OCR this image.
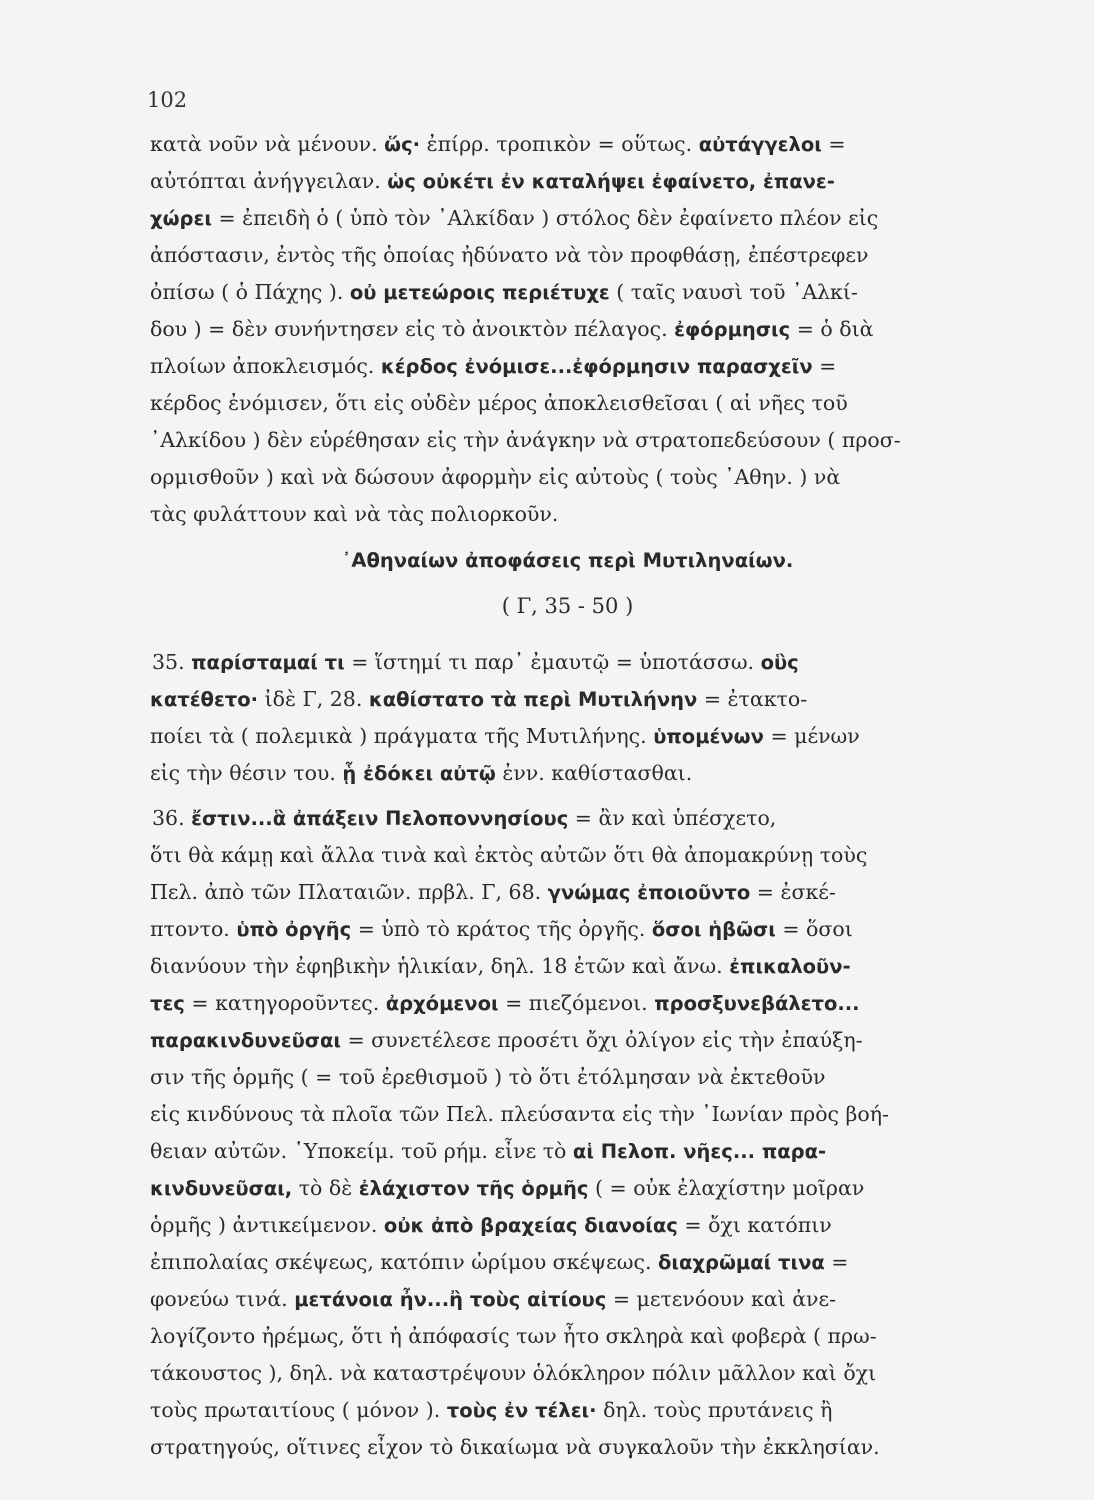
102
κατὰ νοῦν νὰ μένουν. ὥς· ἐπίρρ. τροπικὸν = οὕτως. αὐτάγγελοι =
αὐτόπται ἀνήγγειλαν. ὡς οὐκέτι ἐν καταλήψει ἐφαίνετο, ἐπανε-
χώρει = ἐπειδὴ ὁ ( ὑπὸ τὸν ᾿Αλκίδαν ) στόλος δὲν ἐφαίνετο πλέον εἰς
ἀπόστασιν, ἐντὸς τῆς ὁποίας ἠδύνατο νὰ τὸν προφθάσῃ, ἐπέστρεφεν
ὀπίσω ( ὁ Πάχης ). οὐ μετεώροις περιέτυχε ( ταῖς ναυσὶ τοῦ ᾿Αλκί-
δου ) = δὲν συνήντησεν εἰς τὸ ἀνοικτὸν πέλαγος. ἐφόρμησις = ὁ διὰ
πλοίων ἀποκλεισμός. κέρδος ἐνόμισε...ἐφόρμησιν παρασχεῖν =
κέρδος ἐνόμισεν, ὅτι εἰς οὐδὲν μέρος ἀποκλεισθεῖσαι ( αἱ νῆες τοῦ
᾿Αλκίδου ) δὲν εὑρέθησαν εἰς τὴν ἀνάγκην νὰ στρατοπεδεύσουν ( προσ-
ορμισθοῦν ) καὶ νὰ δώσουν ἀφορμὴν εἰς αὐτοὺς ( τοὺς ᾿Αθην. ) νὰ
τὰς φυλάττουν καὶ νὰ τὰς πολιορκοῦν.
᾿Αθηναίων ἀποφάσεις περὶ Μυτιληναίων.
( Γ, 35 - 50 )
35. παρίσταμαί τι = ἵστημί τι παρ᾿ ἐμαυτῷ = ὑποτάσσω. οὓς
κατέθετο· ἰδὲ Γ, 28. καθίστατο τὰ περὶ Μυτιλήνην = ἐτακτο-
ποίει τὰ ( πολεμικὰ ) πράγματα τῆς Μυτιλήνης. ὑπομένων = μένων
εἰς τὴν θέσιν του. ᾗ ἐδόκει αὐτῷ ἐνν. καθίστασθαι.
36. ἔστιν...ἃ ἀπάξειν Πελοποννησίους = ἂν καὶ ὑπέσχετο,
ὅτι θὰ κάμῃ καὶ ἄλλα τινὰ καὶ ἐκτὸς αὐτῶν ὅτι θὰ ἀπομακρύνῃ τοὺς
Πελ. ἀπὸ τῶν Πλαταιῶν. πρβλ. Γ, 68. γνώμας ἐποιοῦντο = ἐσκέ-
πτοντο. ὑπὸ ὀργῆς = ὑπὸ τὸ κράτος τῆς ὀργῆς. ὅσοι ἡβῶσι = ὅσοι
διανύουν τὴν ἐφηβικὴν ἡλικίαν, δηλ. 18 ἐτῶν καὶ ἄνω. ἐπικαλοῦν-
τες = κατηγοροῦντες. ἀρχόμενοι = πιεζόμενοι. προσξυνεβάλετο...
παρακινδυνεῦσαι = συνετέλεσε προσέτι ὄχι ὀλίγον εἰς τὴν ἐπαύξη-
σιν τῆς ὁρμῆς ( = τοῦ ἐρεθισμοῦ ) τὸ ὅτι ἐτόλμησαν νὰ ἐκτεθοῦν
εἰς κινδύνους τὰ πλοῖα τῶν Πελ. πλεύσαντα εἰς τὴν ᾿Ιωνίαν πρὸς βοή-
θειαν αὐτῶν. ῾Υποκείμ. τοῦ ρήμ. εἶνε τὸ αἱ Πελοπ. νῆες... παρα-
κινδυνεῦσαι, τὸ δὲ ἐλάχιστον τῆς ὁρμῆς ( = οὐκ ἐλαχίστην μοῖραν
ὁρμῆς ) ἀντικείμενον. οὐκ ἀπὸ βραχείας διανοίας = ὄχι κατόπιν
ἐπιπολαίας σκέψεως, κατόπιν ὡρίμου σκέψεως. διαχρῶμαί τινα =
φονεύω τινά. μετάνοια ἦν...ἢ τοὺς αἰτίους = μετενόουν καὶ ἀνε-
λογίζοντο ἠρέμως, ὅτι ἡ ἀπόφασίς των ἦτο σκληρὰ καὶ φοβερὰ ( πρω-
τάκουστος ), δηλ. νὰ καταστρέψουν ὁλόκληρον πόλιν μᾶλλον καὶ ὄχι
τοὺς πρωταιτίους ( μόνον ). τοὺς ἐν τέλει· δηλ. τοὺς πρυτάνεις ἢ
στρατηγούς, οἵτινες εἶχον τὸ δικαίωμα νὰ συγκαλοῦν τὴν ἐκκλησίαν.
